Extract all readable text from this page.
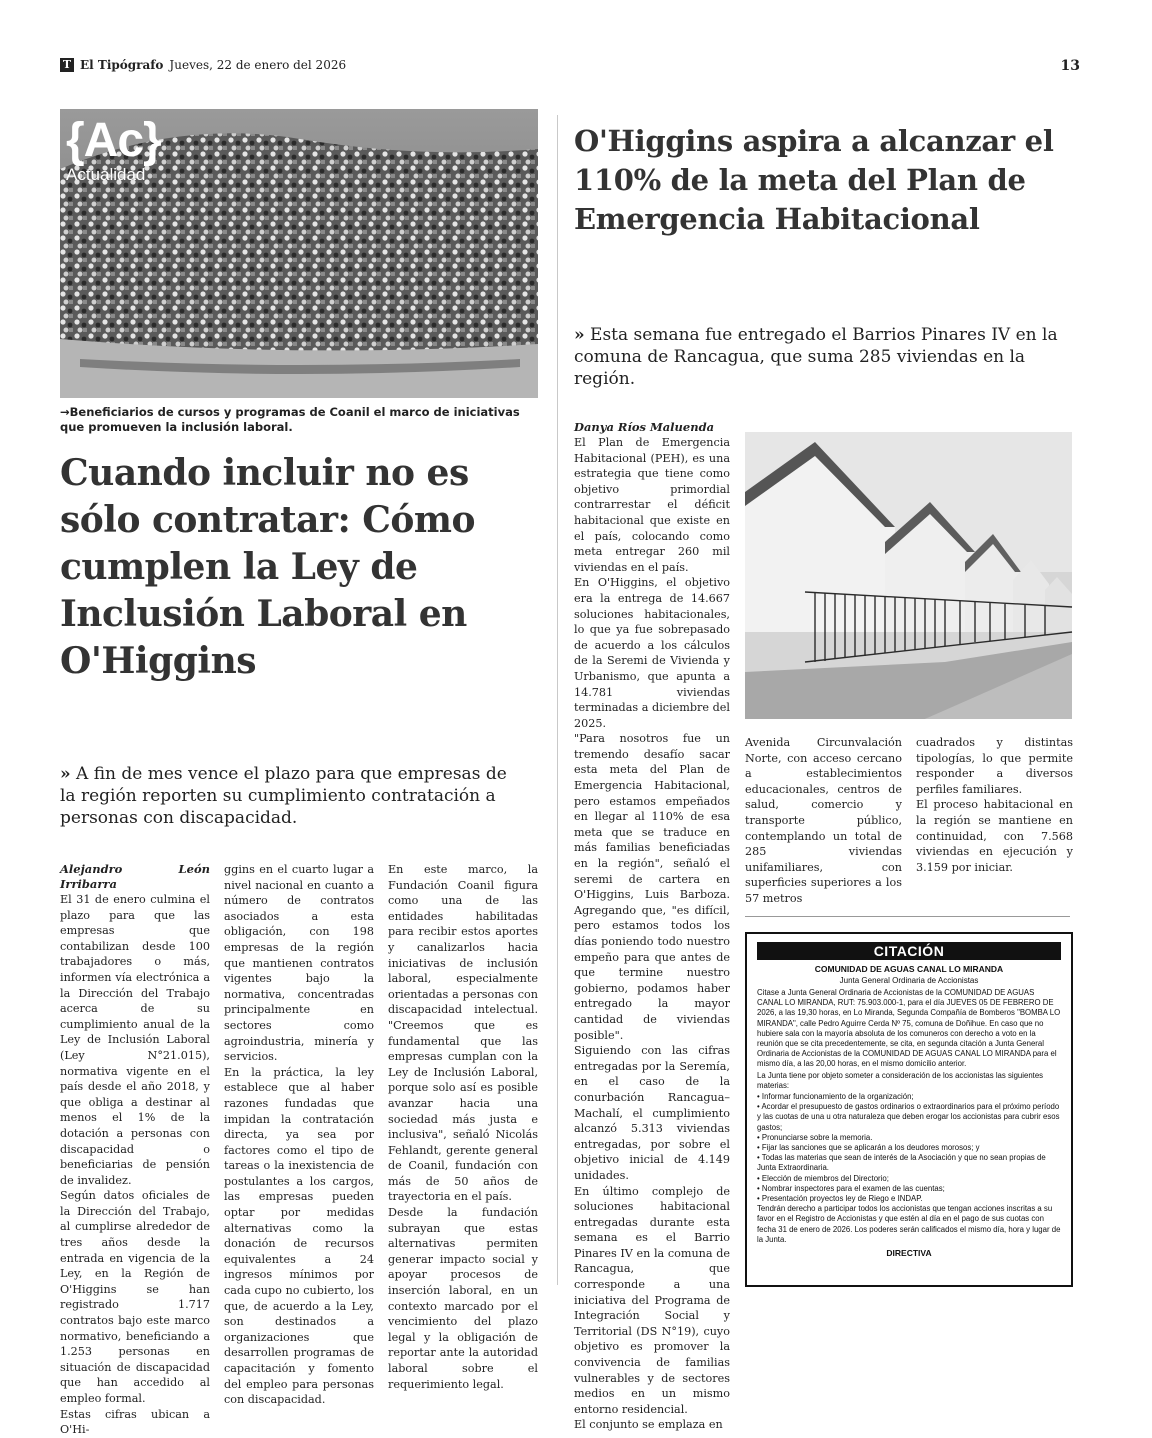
T El Tipógrafo Jueves, 22 de enero del 2026	13
{Ac}
Actualidad
→Beneficiarios de cursos y programas de Coanil el marco de iniciativas que promueven la inclusión laboral.
Cuando incluir no es sólo contratar: Cómo cumplen la Ley de Inclusión Laboral en O'Higgins
» A fin de mes vence el plazo para que empresas de la región reporten su cumplimiento contratación a personas con discapacidad.
Alejandro León Irribarra

El 31 de enero culmina el plazo para que las empresas que contabilizan desde 100 trabajadores o más, informen vía electrónica a la Dirección del Trabajo acerca de su cumplimiento anual de la Ley de Inclusión Laboral (Ley N°21.015), normativa vigente en el país desde el año 2018, y que obliga a destinar al menos el 1% de la dotación a personas con discapacidad o beneficiarias de pensión de invalidez.

Según datos oficiales de la Dirección del Trabajo, al cumplirse alrededor de tres años desde la entrada en vigencia de la Ley, en la Región de O'Higgins se han registrado 1.717 contratos bajo este marco normativo, beneficiando a 1.253 personas en situación de discapacidad que han accedido al empleo formal.

Estas cifras ubican a O'Hi-

ggins en el cuarto lugar a nivel nacional en cuanto a número de contratos asociados a esta obligación, con 198 empresas de la región que mantienen contratos vigentes bajo la normativa, concentradas principalmente en sectores como agroindustria, minería y servicios.

En la práctica, la ley establece que al haber razones fundadas que impidan la contratación directa, ya sea por factores como el tipo de tareas o la inexistencia de postulantes a los cargos, las empresas pueden optar por medidas alternativas como la donación de recursos equivalentes a 24 ingresos mínimos por cada cupo no cubierto, los que, de acuerdo a la Ley, son destinados a organizaciones que desarrollen programas de capacitación y fomento del empleo para personas con discapacidad.

En este marco, la Fundación Coanil figura como una de las entidades habilitadas para recibir estos aportes y canalizarlos hacia iniciativas de inclusión laboral, especialmente orientadas a personas con discapacidad intelectual. "Creemos que es fundamental que las empresas cumplan con la Ley de Inclusión Laboral, porque solo así es posible avanzar hacia una sociedad más justa e inclusiva", señaló Nicolás Fehlandt, gerente general de Coanil, fundación con más de 50 años de trayectoria en el país.

Desde la fundación subrayan que estas alternativas permiten generar impacto social y apoyar procesos de inserción laboral, en un contexto marcado por el vencimiento del plazo legal y la obligación de reportar ante la autoridad laboral sobre el requerimiento legal.

O'Higgins aspira a alcanzar el 110% de la meta del Plan de Emergencia Habitacional
» Esta semana fue entregado el Barrios Pinares IV en la comuna de Rancagua, que suma 285 viviendas en la región.
Danya Ríos Maluenda

El Plan de Emergencia Habitacional (PEH), es una estrategia que tiene como objetivo primordial contrarrestar el déficit habitacional que existe en el país, colocando como meta entregar 260 mil viviendas en el país.

En O'Higgins, el objetivo era la entrega de 14.667 soluciones habitacionales, lo que ya fue sobrepasado de acuerdo a los cálculos de la Seremi de Vivienda y Urbanismo, que apunta a 14.781 viviendas terminadas a diciembre del 2025.

"Para nosotros fue un tremendo desafío sacar esta meta del Plan de Emergencia Habitacional, pero estamos empeñados en llegar al 110% de esa meta que se traduce en más familias beneficiadas en la región", señaló el seremi de cartera en O'Higgins, Luis Barboza. Agregando que, "es difícil, pero estamos todos los días poniendo todo nuestro empeño para que antes de que termine nuestro gobierno, podamos haber entregado la mayor cantidad de viviendas posible".

Siguiendo con las cifras entregadas por la Seremía, en el caso de la conurbación Rancagua–Machalí, el cumplimiento alcanzó 5.313 viviendas entregadas, por sobre el objetivo inicial de 4.149 unidades.

En último complejo de soluciones habitacional entregadas durante esta semana es el Barrio Pinares IV en la comuna de Rancagua, que corresponde a una iniciativa del Programa de Integración Social y Territorial (DS N°19), cuyo objetivo es promover la convivencia de familias vulnerables y de sectores medios en un mismo entorno residencial.

El conjunto se emplaza en

Avenida Circunvalación Norte, con acceso cercano a establecimientos educacionales, centros de salud, comercio y transporte público, contemplando un total de 285 viviendas unifamiliares, con superficies superiores a los 57 metros

cuadrados y distintas tipologías, lo que permite responder a diversos perfiles familiares.

El proceso habitacional en la región se mantiene en continuidad, con 7.568 viviendas en ejecución y 3.159 por iniciar.

CITACIÓN
COMUNIDAD DE AGUAS CANAL LO MIRANDA
Junta General Ordinaria de Accionistas

Citase a Junta General Ordinaria de Accionistas de la COMUNIDAD DE AGUAS CANAL LO MIRANDA, RUT: 75.903.000-1, para el día JUEVES 05 DE FEBRERO DE 2026, a las 19,30 horas, en Lo Miranda, Segunda Compañía de Bomberos "BOMBA LO MIRANDA", calle Pedro Aguirre Cerda Nº 75, comuna de Doñihue. En caso que no hubiere sala con la mayoría absoluta de los comuneros con derecho a voto en la reunión que se cita precedentemente, se cita, en segunda citación a Junta General Ordinaria de Accionistas de la COMUNIDAD DE AGUAS CANAL LO MIRANDA para el mismo día, a las 20,00 horas, en el mismo domicilio anterior.

La Junta tiene por objeto someter a consideración de los accionistas las siguientes materias:

• Informar funcionamiento de la organización;
• Acordar el presupuesto de gastos ordinarios o extraordinarios para el próximo período y las cuotas de una u otra naturaleza que deben erogar los accionistas para cubrir esos gastos;
• Pronunciarse sobre la memoria.
• Fijar las sanciones que se aplicarán a los deudores morosos; y
• Todas las materias que sean de interés de la Asociación y que no sean propias de Junta Extraordinaria.
• Elección de miembros del Directorio;
• Nombrar inspectores para el examen de las cuentas;
• Presentación proyectos ley de Riego e INDAP.

Tendrán derecho a participar todos los accionistas que tengan acciones inscritas a su favor en el Registro de Accionistas y que estén al día en el pago de sus cuotas con fecha 31 de enero de 2026. Los poderes serán calificados el mismo día, hora y lugar de la Junta.

DIRECTIVA
